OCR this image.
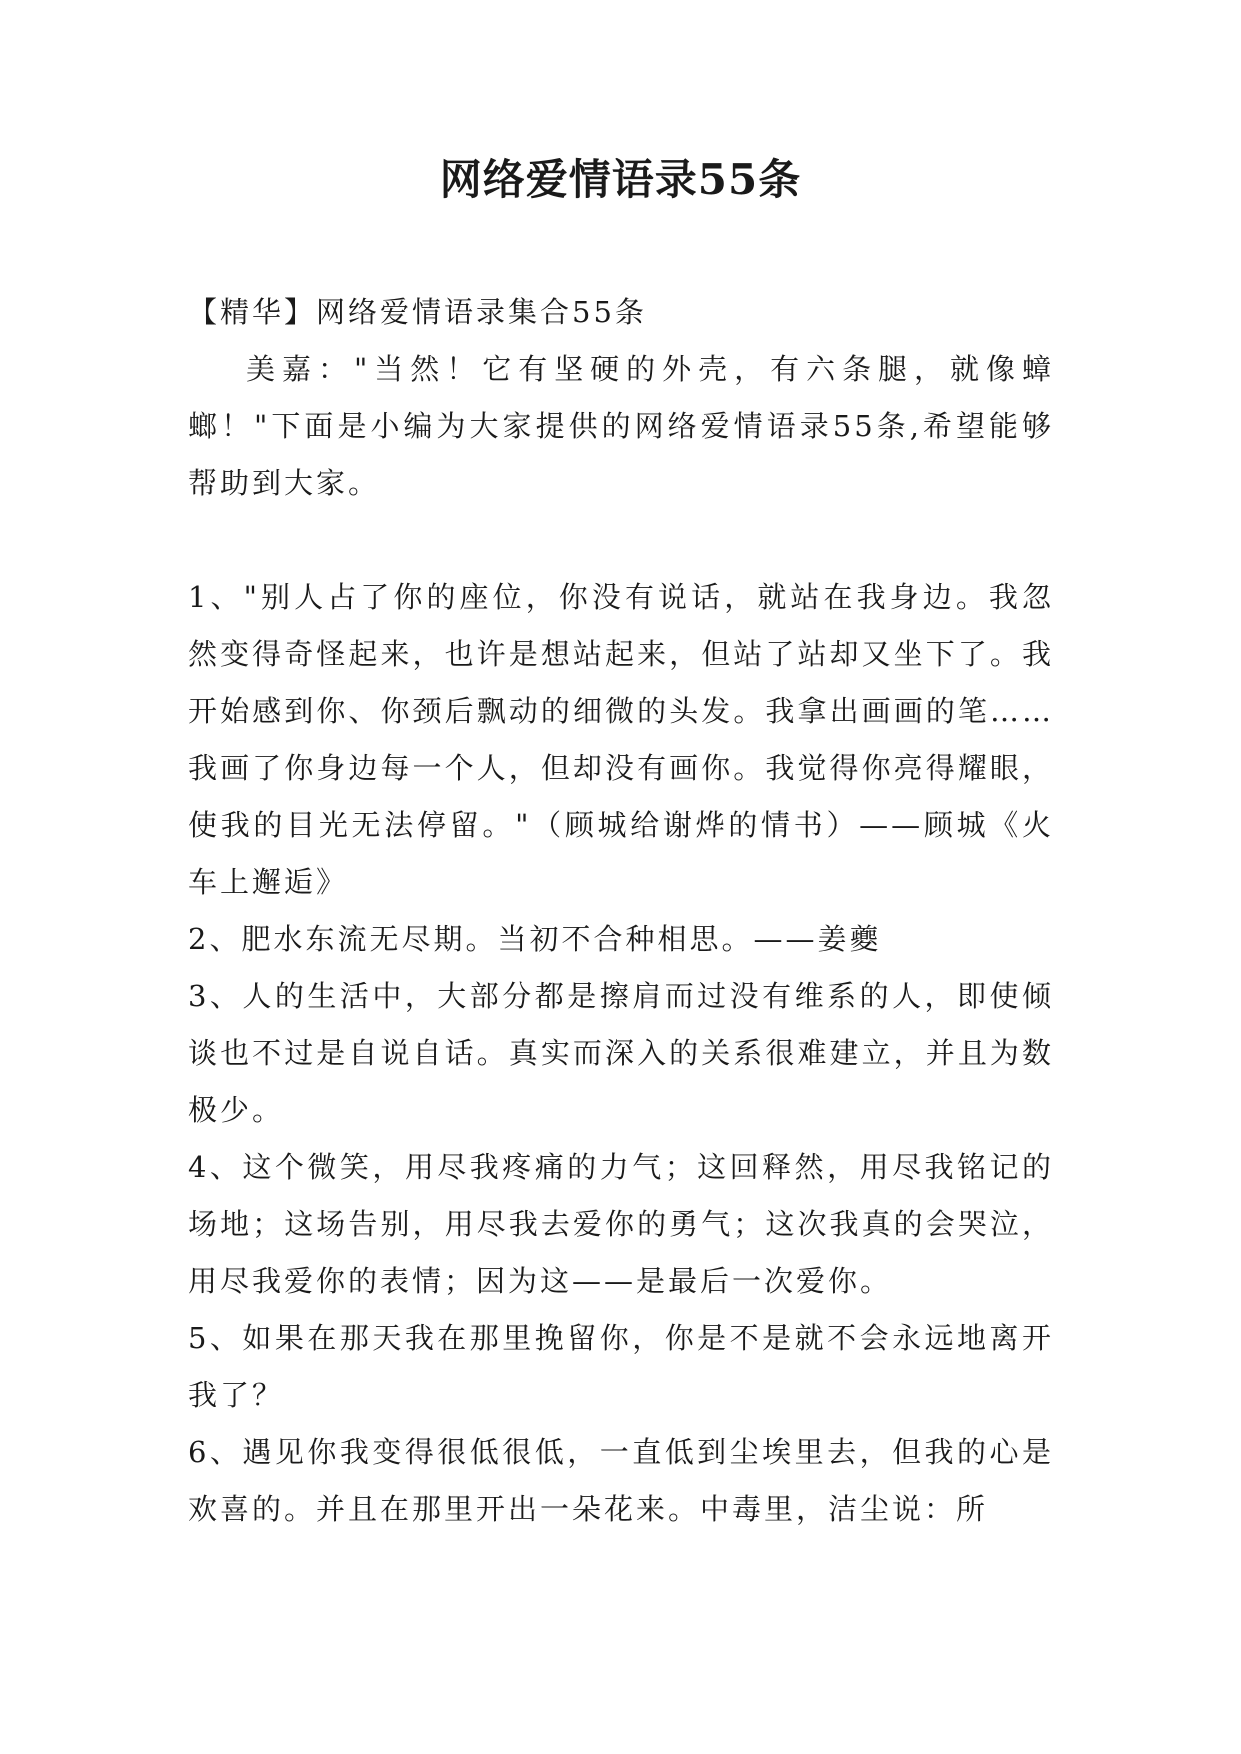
网络爱情语录55条

【精华】网络爱情语录集合55条

美嘉："当然！它有坚硬的外壳，有六条腿，就像蟑螂！"下面是小编为大家提供的网络爱情语录55条,希望能够帮助到大家。

1、"别人占了你的座位，你没有说话，就站在我身边。我忽然变得奇怪起来，也许是想站起来，但站了站却又坐下了。我开始感到你、你颈后飘动的细微的头发。我拿出画画的笔……我画了你身边每一个人，但却没有画你。我觉得你亮得耀眼，使我的目光无法停留。"（顾城给谢烨的情书）——顾城《火车上邂逅》

2、肥水东流无尽期。当初不合种相思。——姜夔

3、人的生活中，大部分都是擦肩而过没有维系的人，即使倾谈也不过是自说自话。真实而深入的关系很难建立，并且为数极少。

4、这个微笑，用尽我疼痛的力气；这回释然，用尽我铭记的场地；这场告别，用尽我去爱你的勇气；这次我真的会哭泣，用尽我爱你的表情；因为这——是最后一次爱你。

5、如果在那天我在那里挽留你，你是不是就不会永远地离开我了？

6、遇见你我变得很低很低，一直低到尘埃里去，但我的心是欢喜的。并且在那里开出一朵花来。中毒里，洁尘说：所
